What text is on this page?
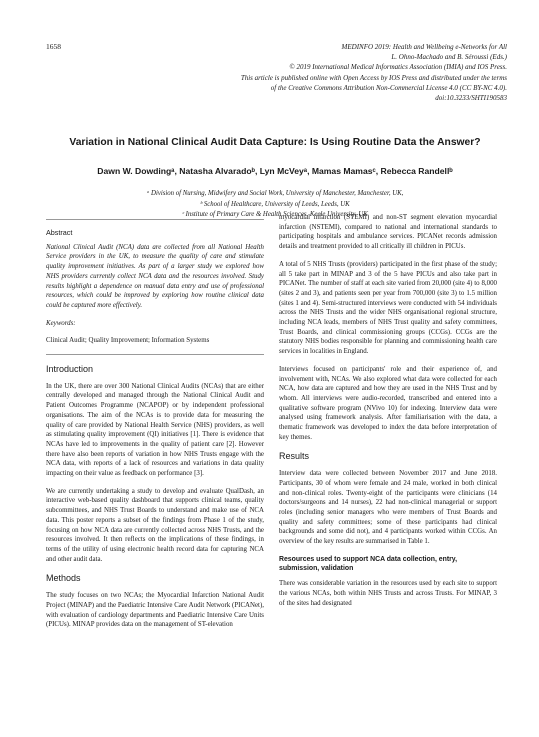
1658	MEDINFO 2019: Health and Wellbeing e-Networks for All
L. Ohno-Machado and B. Séroussi (Eds.)
© 2019 International Medical Informatics Association (IMIA) and IOS Press.
This article is published online with Open Access by IOS Press and distributed under the terms
of the Creative Commons Attribution Non-Commercial License 4.0 (CC BY-NC 4.0).
doi:10.3233/SHTI190583
Variation in National Clinical Audit Data Capture: Is Using Routine Data the Answer?
Dawn W. Dowdingᵃ, Natasha Alvaradoᵇ, Lyn McVeyᵃ, Mamas Mamasᶜ, Rebecca Randellᵇ
ᵃ Division of Nursing, Midwifery and Social Work, University of Manchester, Manchester, UK,
ᵇ School of Healthcare, University of Leeds, Leeds, UK
ᶜ Institute of Primary Care & Health Sciences, Keele University, UK
Abstract

National Clinical Audit (NCA) data are collected from all National Health Service providers in the UK, to measure the quality of care and stimulate quality improvement initiatives. As part of a larger study we explored how NHS providers currently collect NCA data and the resources involved. Study results highlight a dependence on manual data entry and use of professional resources, which could be improved by exploring how routine clinical data could be captured more effectively.

Keywords:

Clinical Audit; Quality Improvement; Information Systems

Introduction

In the UK, there are over 300 National Clinical Audits (NCAs) that are either centrally developed and managed through the National Clinical Audit and Patient Outcomes Programme (NCAPOP) or by independent professional organisations. The aim of the NCAs is to provide data for measuring the quality of care provided by National Health Service (NHS) providers, as well as stimulating quality improvement (QI) initiatives [1]. There is evidence that NCAs have led to improvements in the quality of patient care [2]. However there have also been reports of variation in how NHS Trusts engage with the NCA data, with reports of a lack of resources and variations in data quality impacting on their value as feedback on performance [3].

We are currently undertaking a study to develop and evaluate QualDash, an interactive web-based quality dashboard that supports clinical teams, quality subcommittees, and NHS Trust Boards to understand and make use of NCA data. This poster reports a subset of the findings from Phase 1 of the study, focusing on how NCA data are currently collected across NHS Trusts, and the resources involved. It then reflects on the implications of these findings, in terms of the utility of using electronic health record data for capturing NCA and other audit data.

Methods

The study focuses on two NCAs; the Myocardial Infarction National Audit Project (MINAP) and the Paediatric Intensive Care Audit Network (PICANet), with evaluation of cardiology departments and Paediatric Intensive Care Units (PICUs). MINAP provides data on the management of ST-elevation

myocardial infarction (STEMI) and non-ST segment elevation myocardial infarction (NSTEMI), compared to national and international standards to participating hospitals and ambulance services. PICANet records admission details and treatment provided to all critically ill children in PICUs.

A total of 5 NHS Trusts (providers) participated in the first phase of the study; all 5 take part in MINAP and 3 of the 5 have PICUs and also take part in PICANet. The number of staff at each site varied from 20,000 (site 4) to 8,000 (sites 2 and 3), and patients seen per year from 700,000 (site 3) to 1.5 million (sites 1 and 4). Semi-structured interviews were conducted with 54 individuals across the NHS Trusts and the wider NHS organisational regional structure, including NCA leads, members of NHS Trust quality and safety committees, Trust Boards, and clinical commissioning groups (CCGs). CCGs are the statutory NHS bodies responsible for planning and commissioning health care services in localities in England.

Interviews focused on participants' role and their experience of, and involvement with, NCAs. We also explored what data were collected for each NCA, how data are captured and how they are used in the NHS Trust and by whom. All interviews were audio-recorded, transcribed and entered into a qualitative software program (NVivo 10) for indexing. Interview data were analysed using framework analysis. After familiarisation with the data, a thematic framework was developed to index the data before interpretation of key themes.

Results

Interview data were collected between November 2017 and June 2018. Participants, 30 of whom were female and 24 male, worked in both clinical and non-clinical roles. Twenty-eight of the participants were clinicians (14 doctors/surgeons and 14 nurses), 22 had non-clinical managerial or support roles (including senior managers who were members of Trust Boards and quality and safety committees; some of these participants had clinical backgrounds and some did not), and 4 participants worked within CCGs. An overview of the key results are summarised in Table 1.

Resources used to support NCA data collection, entry, submission, validation

There was considerable variation in the resources used by each site to support the various NCAs, both within NHS Trusts and across Trusts. For MINAP, 3 of the sites had designated
